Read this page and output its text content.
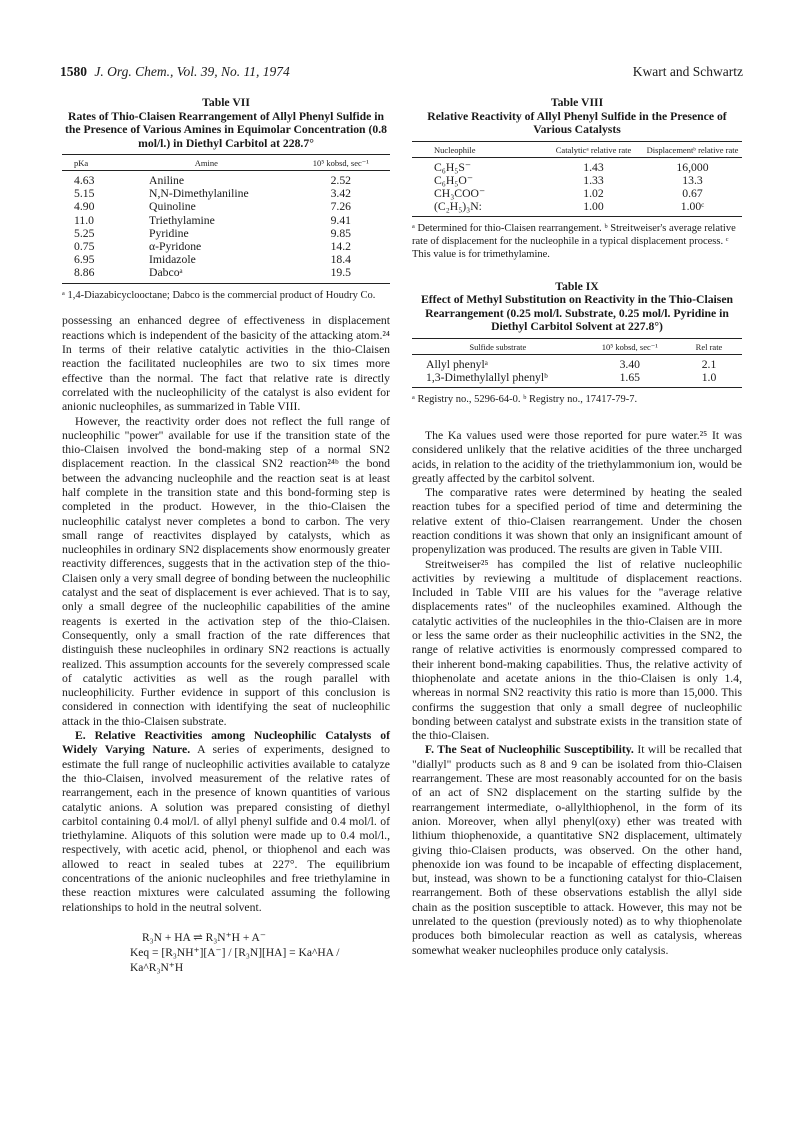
1580 J. Org. Chem., Vol. 39, No. 11, 1974	Kwart and Schwartz
Table VII
Rates of Thio-Claisen Rearrangement of Allyl Phenyl Sulfide in the Presence of Various Amines in Equimolar Concentration (0.8 mol/l.) in Diethyl Carbitol at 228.7°
pKa	Amine	10⁵ kobsd, sec⁻¹
4.63	Aniline	2.52
5.15	N,N-Dimethylaniline	3.42
4.90	Quinoline	7.26
11.0	Triethylamine	9.41
5.25	Pyridine	9.85
0.75	α-Pyridone	14.2
6.95	Imidazole	18.4
8.86	Dabcoᵃ	19.5
ᵃ 1,4-Diazabicyclooctane; Dabco is the commercial product of Houdry Co.

possessing an enhanced degree of effectiveness in displacement reactions which is independent of the basicity of the attacking atom.²⁴ In terms of their relative catalytic activities in the thio-Claisen reaction the facilitated nucleophiles are two to six times more effective than the normal. The fact that relative rate is directly correlated with the nucleophilicity of the catalyst is also evident for anionic nucleophiles, as summarized in Table VIII.

However, the reactivity order does not reflect the full range of nucleophilic "power" available for use if the transition state of the thio-Claisen involved the bond-making step of a normal SN2 displacement reaction. In the classical SN2 reaction²⁴ᵇ the bond between the advancing nucleophile and the reaction seat is at least half complete in the transition state and this bond-forming step is completed in the product. However, in the thio-Claisen the nucleophilic catalyst never completes a bond to carbon. The very small range of reactivites displayed by catalysts, which as nucleophiles in ordinary SN2 displacements show enormously greater reactivity differences, suggests that in the activation step of the thio-Claisen only a very small degree of bonding between the nucleophilic catalyst and the seat of displacement is ever achieved. That is to say, only a small degree of the nucleophilic capabilities of the amine reagents is exerted in the activation step of the thio-Claisen. Consequently, only a small fraction of the rate differences that distinguish these nucleophiles in ordinary SN2 reactions is actually realized. This assumption accounts for the severely compressed scale of catalytic activities as well as the rough parallel with nucleophilicity. Further evidence in support of this conclusion is considered in connection with identifying the seat of nucleophilic attack in the thio-Claisen substrate.

E. Relative Reactivities among Nucleophilic Catalysts of Widely Varying Nature. A series of experiments, designed to estimate the full range of nucleophilic activities available to catalyze the thio-Claisen, involved measurement of the relative rates of rearrangement, each in the presence of known quantities of various catalytic anions. A solution was prepared consisting of diethyl carbitol containing 0.4 mol/l. of allyl phenyl sulfide and 0.4 mol/l. of triethylamine. Aliquots of this solution were made up to 0.4 mol/l., respectively, with acetic acid, phenol, or thiophenol and each was allowed to react in sealed tubes at 227°. The equilibrium concentrations of the anionic nucleophiles and free triethylamine in these reaction mixtures were calculated assuming the following relationships to hold in the neutral solvent.

R₃N + HA ⇌ R₃N⁺H + A⁻
Keq = [R₃NH⁺][A⁻] / [R₃N][HA] = Ka^HA / Ka^R₃N⁺H
Table VIII
Relative Reactivity of Allyl Phenyl Sulfide in the Presence of Various Catalysts
Nucleophile	Catalyticᵃ relative rate	Displacementᵇ relative rate
C₆H₅S⁻	1.43	16,000
C₆H₅O⁻	1.33	13.3
CH₃COO⁻	1.02	0.67
(C₂H₅)₃N:	1.00	1.00ᶜ
ᵃ Determined for thio-Claisen rearrangement. ᵇ Streitweiser's average relative rate of displacement for the nucleophile in a typical displacement process. ᶜ This value is for trimethylamine.
Table IX
Effect of Methyl Substitution on Reactivity in the Thio-Claisen Rearrangement (0.25 mol/l. Substrate, 0.25 mol/l. Pyridine in Diethyl Carbitol Solvent at 227.8°)
Sulfide substrate	10⁵ kobsd, sec⁻¹	Rel rate
Allyl phenylᵃ	3.40	2.1
1,3-Dimethylallyl phenylᵇ	1.65	1.0
ᵃ Registry no., 5296-64-0. ᵇ Registry no., 17417-79-7.

The Ka values used were those reported for pure water.²⁵ It was considered unlikely that the relative acidities of the three uncharged acids, in relation to the acidity of the triethylammonium ion, would be greatly affected by the carbitol solvent.

The comparative rates were determined by heating the sealed reaction tubes for a specified period of time and determining the relative extent of thio-Claisen rearrangement. Under the chosen reaction conditions it was shown that only an insignificant amount of propenylization was produced. The results are given in Table VIII.

Streitweiser²⁵ has compiled the list of relative nucleophilic activities by reviewing a multitude of displacement reactions. Included in Table VIII are his values for the "average relative displacements rates" of the nucleophiles examined. Although the catalytic activities of the nucleophiles in the thio-Claisen are in more or less the same order as their nucleophilic activities in the SN2, the range of relative activities is enormously compressed compared to their inherent bond-making capabilities. Thus, the relative activity of thiophenolate and acetate anions in the thio-Claisen is only 1.4, whereas in normal SN2 reactivity this ratio is more than 15,000. This confirms the suggestion that only a small degree of nucleophilic bonding between catalyst and substrate exists in the transition state of the thio-Claisen.

F. The Seat of Nucleophilic Susceptibility. It will be recalled that "diallyl" products such as 8 and 9 can be isolated from thio-Claisen rearrangement. These are most reasonably accounted for on the basis of an act of SN2 displacement on the starting sulfide by the rearrangement intermediate, o-allylthiophenol, in the form of its anion. Moreover, when allyl phenyl(oxy) ether was treated with lithium thiophenoxide, a quantitative SN2 displacement, ultimately giving thio-Claisen products, was observed. On the other hand, phenoxide ion was found to be incapable of effecting displacement, but, instead, was shown to be a functioning catalyst for thio-Claisen rearrangement. Both of these observations establish the allyl side chain as the position susceptible to attack. However, this may not be unrelated to the question (previously noted) as to why thiophenolate produces both bimolecular reaction as well as catalysis, whereas somewhat weaker nucleophiles produce only catalysis.
